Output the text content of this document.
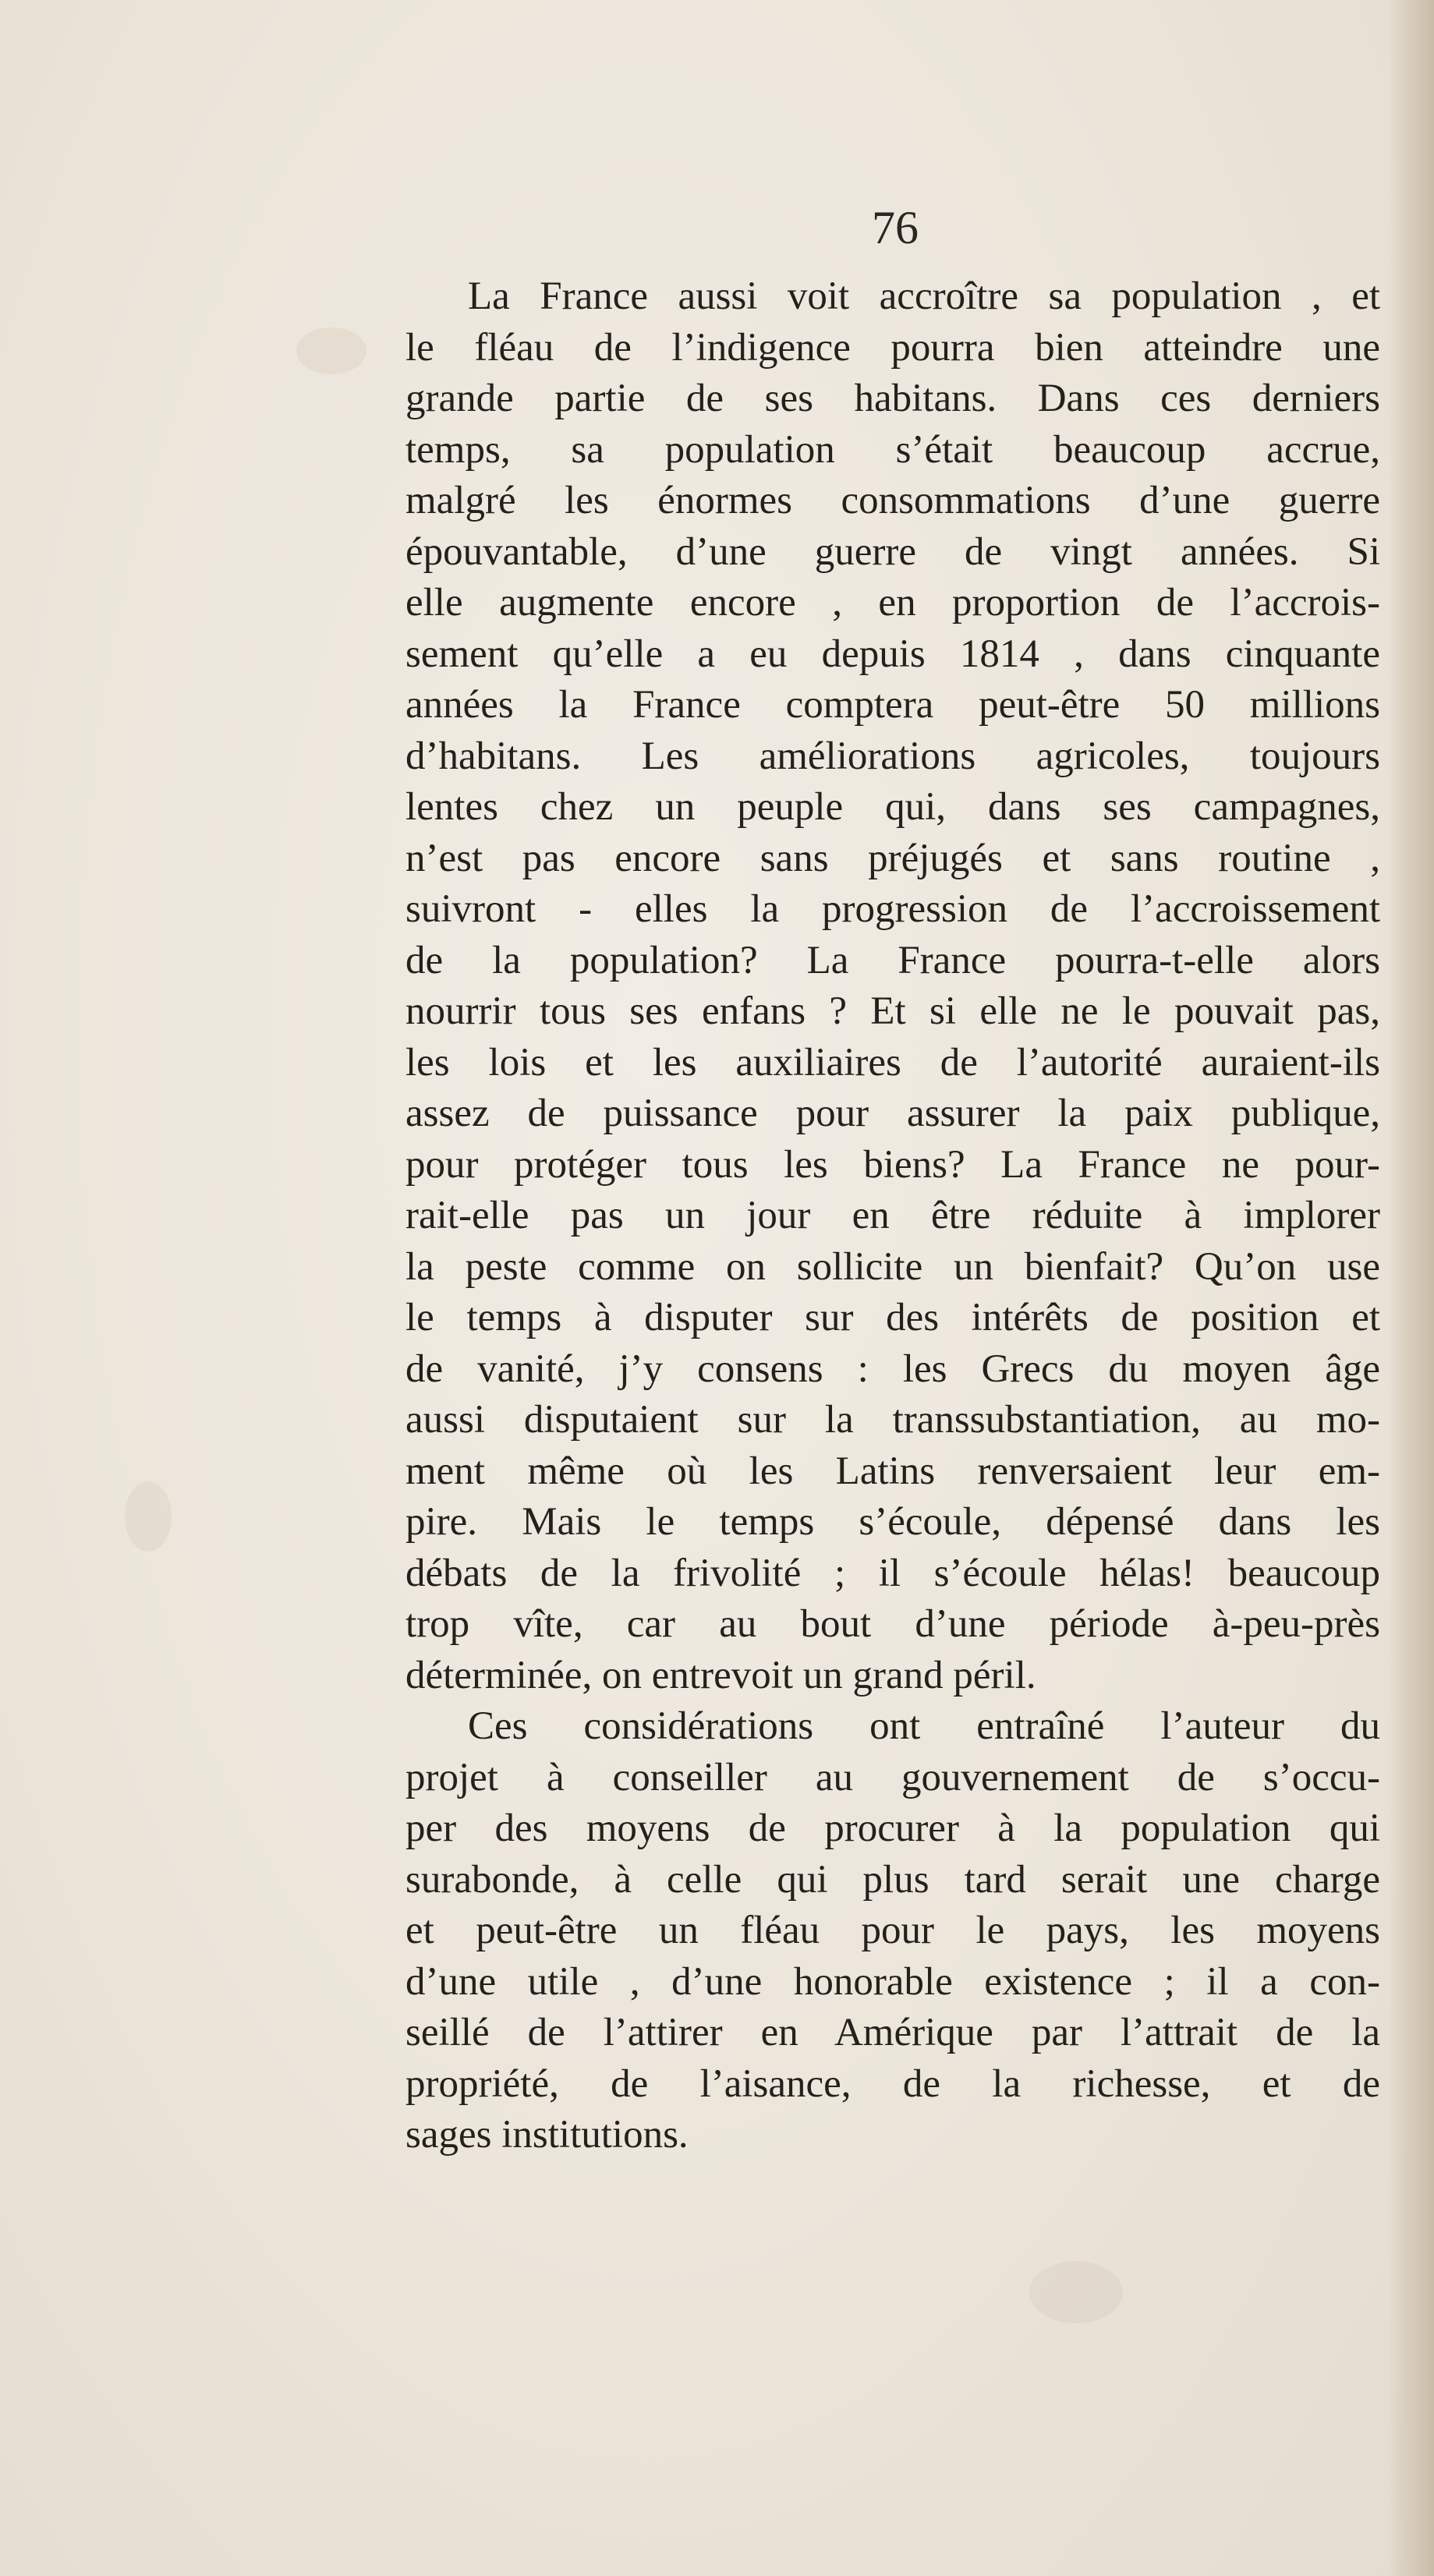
76
La France aussi voit accroître sa population , et
le fléau de l’indigence pourra bien atteindre une
grande partie de ses habitans. Dans ces derniers
temps, sa population s’était beaucoup accrue,
malgré les énormes consommations d’une guerre
épouvantable, d’une guerre de vingt années. Si
elle augmente encore , en proportion de l’accrois-
sement qu’elle a eu depuis 1814 , dans cinquante
années la France comptera peut-être 50 millions
d’habitans. Les améliorations agricoles, toujours
lentes chez un peuple qui, dans ses campagnes,
n’est pas encore sans préjugés et sans routine ,
suivront - elles la progression de l’accroissement
de la population? La France pourra-t-elle alors
nourrir tous ses enfans ? Et si elle ne le pouvait pas,
les lois et les auxiliaires de l’autorité auraient-ils
assez de puissance pour assurer la paix publique,
pour protéger tous les biens? La France ne pour-
rait-elle pas un jour en être réduite à implorer
la peste comme on sollicite un bienfait? Qu’on use
le temps à disputer sur des intérêts de position et
de vanité, j’y consens : les Grecs du moyen âge
aussi disputaient sur la transsubstantiation, au mo-
ment même où les Latins renversaient leur em-
pire. Mais le temps s’écoule, dépensé dans les
débats de la frivolité ; il s’écoule hélas! beaucoup
trop vîte, car au bout d’une période à-peu-près
déterminée, on entrevoit un grand péril.
Ces considérations ont entraîné l’auteur du
projet à conseiller au gouvernement de s’occu-
per des moyens de procurer à la population qui
surabonde, à celle qui plus tard serait une charge
et peut-être un fléau pour le pays, les moyens
d’une utile , d’une honorable existence ; il a con-
seillé de l’attirer en Amérique par l’attrait de la
propriété, de l’aisance, de la richesse, et de
sages institutions.
